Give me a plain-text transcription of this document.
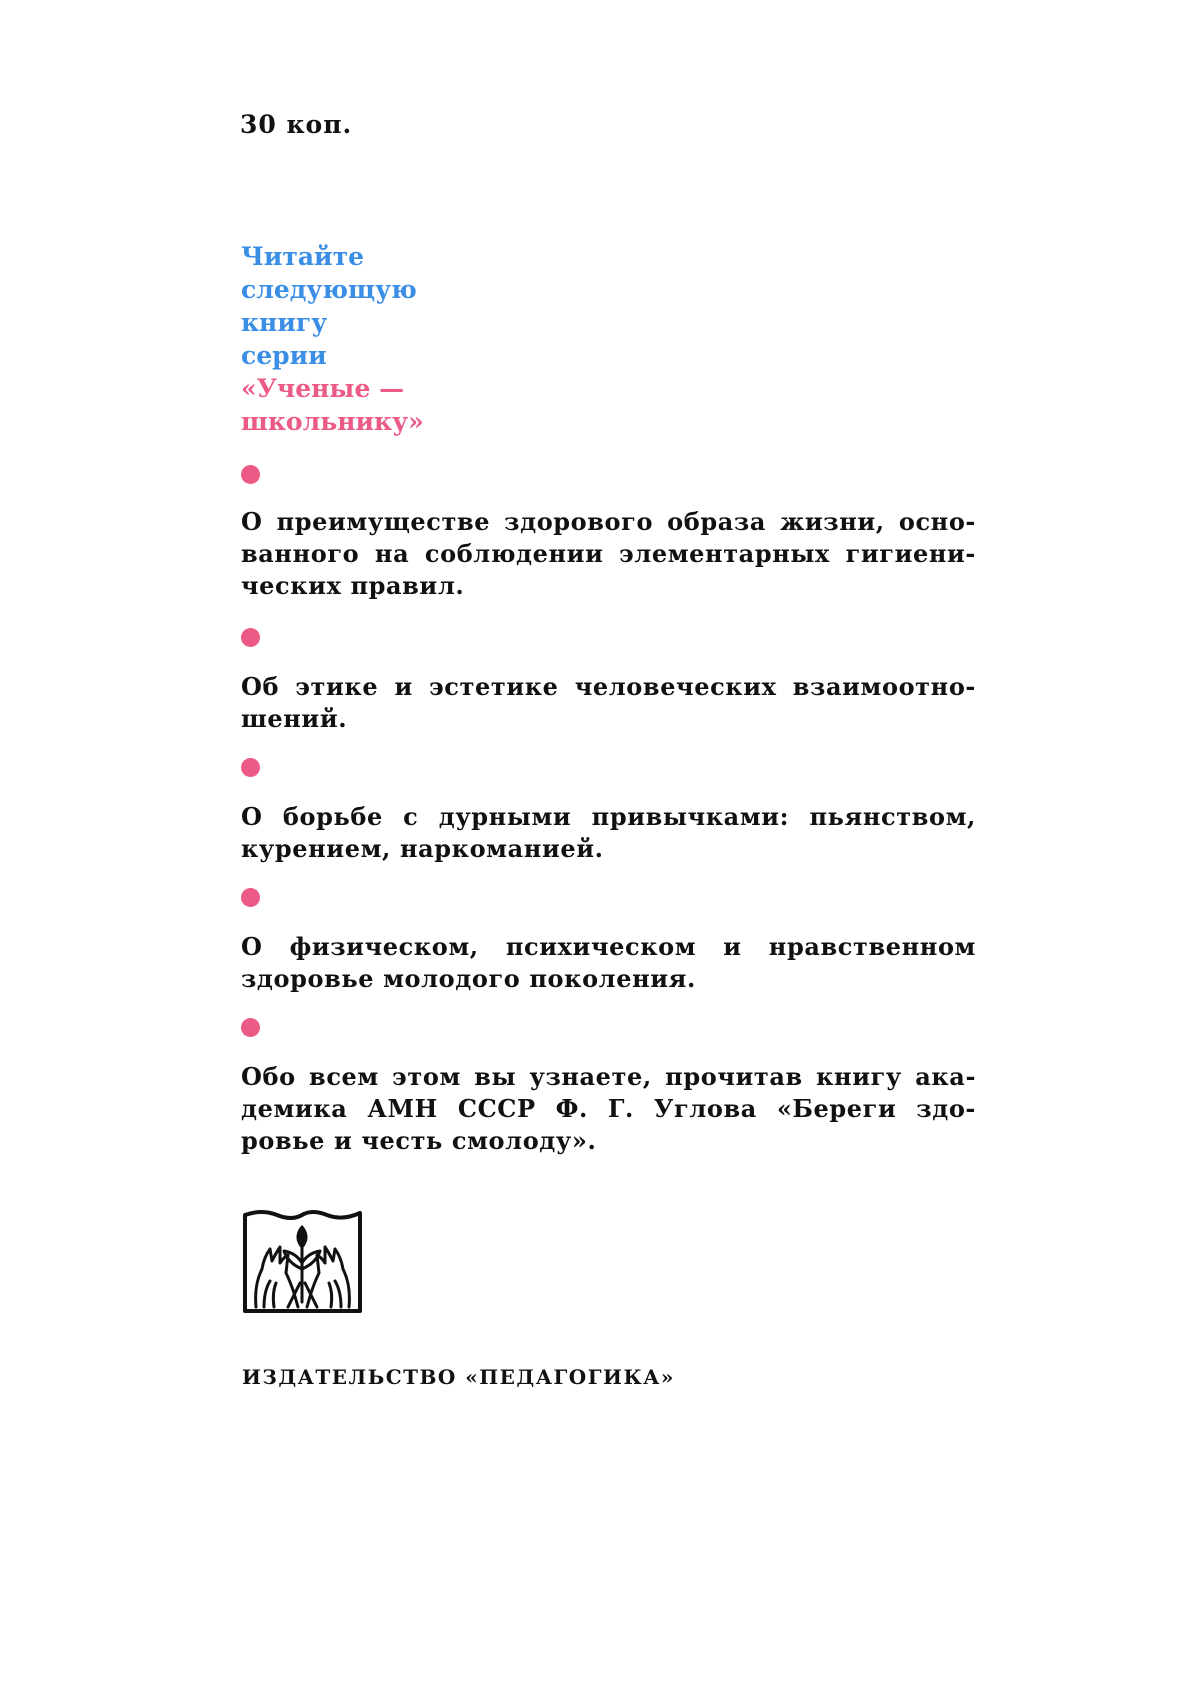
30 коп.
Читайте
следующую
книгу
серии
«Ученые —
школьнику»
О преимуществе здорового образа жизни, осно-
ванного на соблюдении элементарных гигиени-
ческих правил.
Об этике и эстетике человеческих взаимоотно-
шений.
О борьбе с дурными привычками: пьянством,
курением, наркоманией.
О физическом, психическом и нравственном
здоровье молодого поколения.
Обо всем этом вы узнаете, прочитав книгу ака-
демика АМН СССР Ф. Г. Углова «Береги здо-
ровье и честь смолоду».
ИЗДАТЕЛЬСТВО «ПЕДАГОГИКА»
